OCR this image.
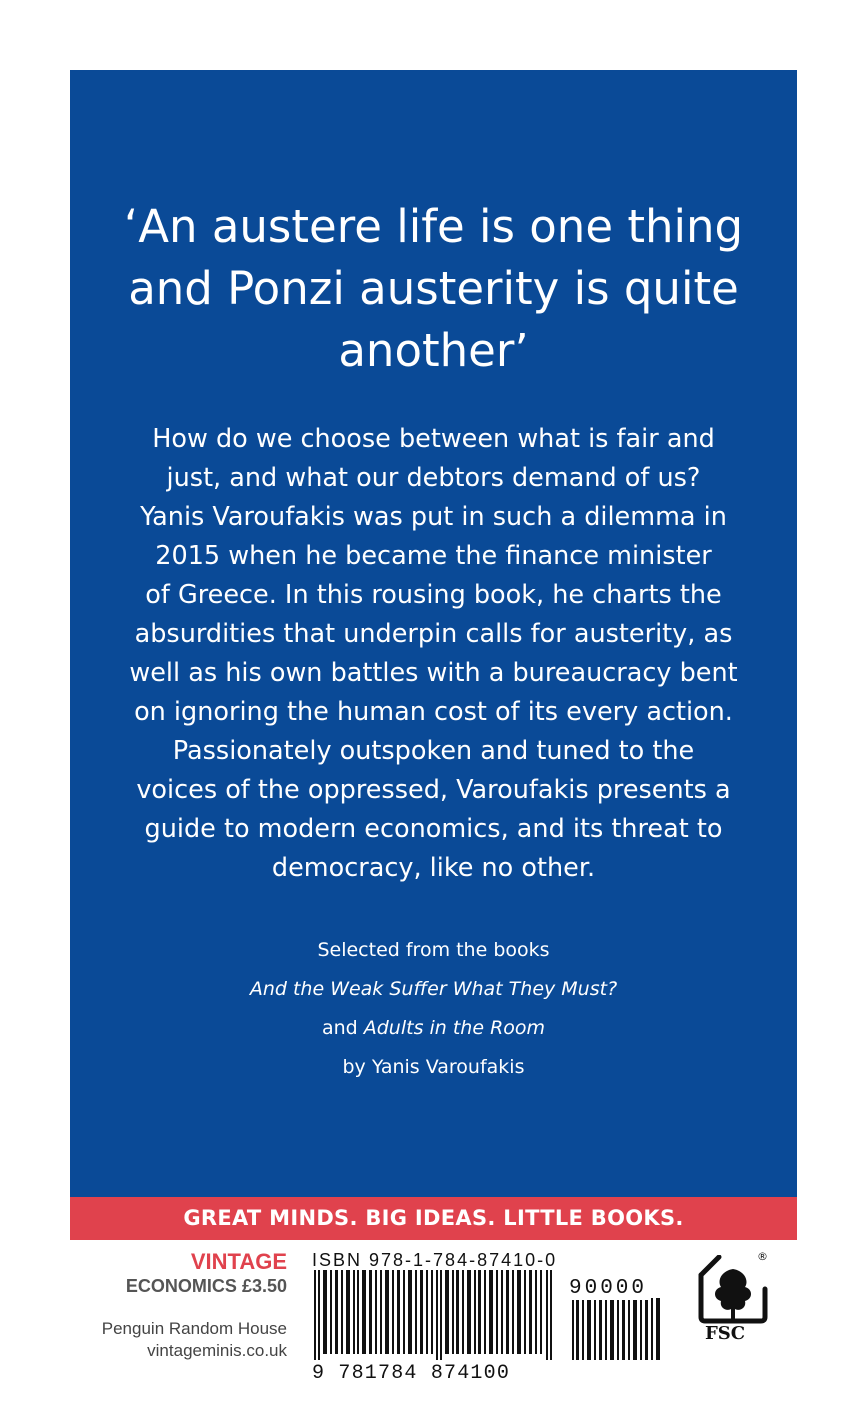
‘An austere life is one thing
and Ponzi austerity is quite
another’
How do we choose between what is fair and
just, and what our debtors demand of us?
Yanis Varoufakis was put in such a dilemma in
2015 when he became the finance minister
of Greece. In this rousing book, he charts the
absurdities that underpin calls for austerity, as
well as his own battles with a bureaucracy bent
on ignoring the human cost of its every action.
Passionately outspoken and tuned to the
voices of the oppressed, Varoufakis presents a
guide to modern economics, and its threat to
democracy, like no other.
Selected from the books
And the Weak Suffer What They Must?
and Adults in the Room
by Yanis Varoufakis
GREAT MINDS. BIG IDEAS. LITTLE BOOKS.
VINTAGE
ECONOMICS £3.50
Penguin Random House
vintageminis.co.uk
ISBN 978-1-784-87410-0
90000
9 781784 874100
®
FSC
